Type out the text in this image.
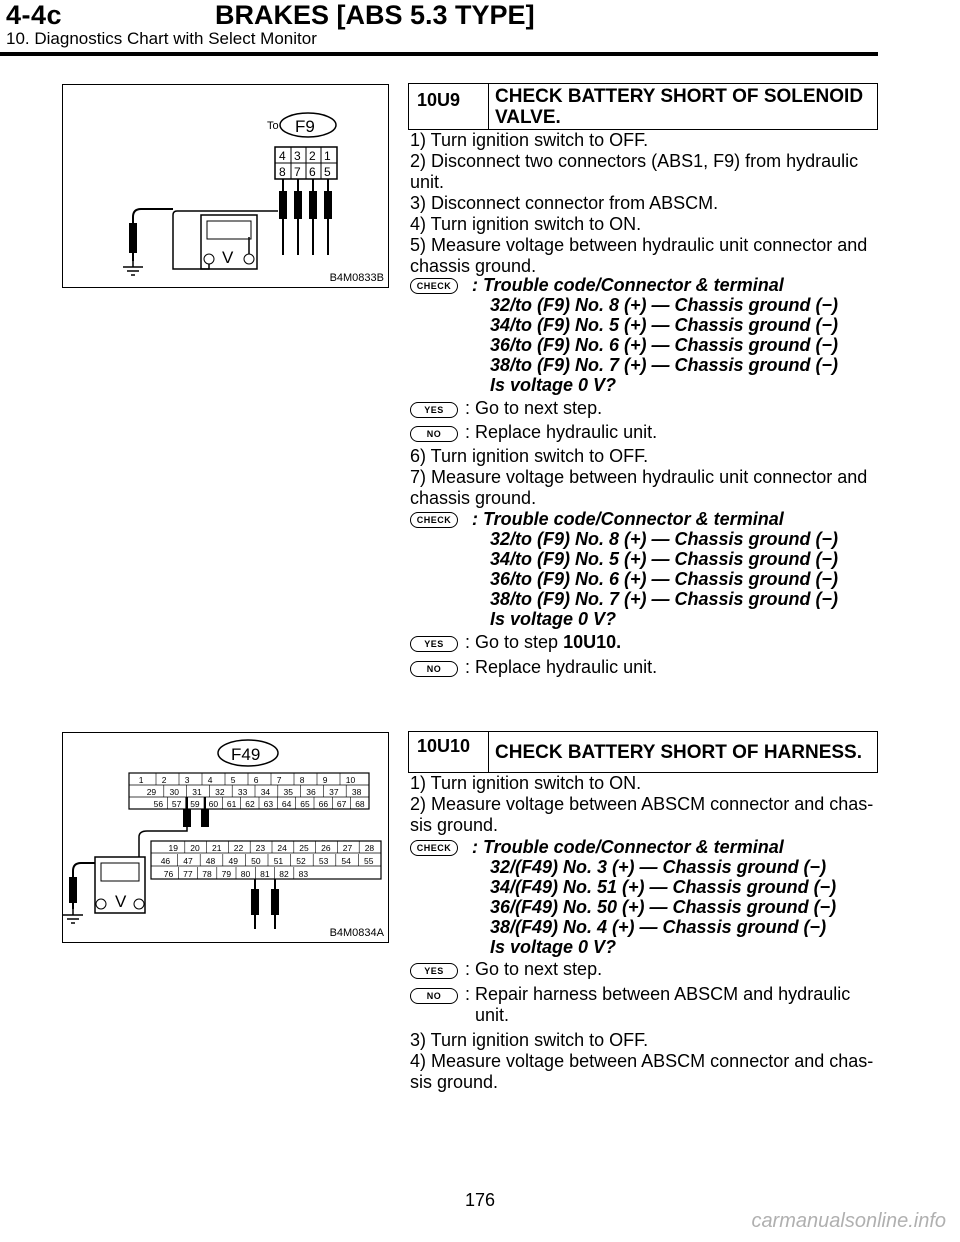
4-4c	BRAKES [ABS 5.3 TYPE]
10. Diagnostics Chart with Select Monitor
To F9
4 3 2 1
8 7 6 5
V
B4M0833B
F49
1 2 3 4 5 6 7 8 9 10
29 30 31 32 33 34 35 36 37 38
56 57 59 60 61 62 63 64 65 66 67 68
19 20 21 22 23 24 25 26 27 28
46 47 48 49 50 51 52 53 54 55
76 77 78 79 80 81 82 83
V
B4M0834A
10U9	CHECK BATTERY SHORT OF SOLENOID VALVE.
1) Turn ignition switch to OFF.
2) Disconnect two connectors (ABS1, F9) from hydraulic
unit.
3) Disconnect connector from ABSCM.
4) Turn ignition switch to ON.
5) Measure voltage between hydraulic unit connector and
chassis ground.
CHECK	: Trouble code/Connector & terminal
32/to (F9) No. 8 (+) — Chassis ground (−)
34/to (F9) No. 5 (+) — Chassis ground (−)
36/to (F9) No. 6 (+) — Chassis ground (−)
38/to (F9) No. 7 (+) — Chassis ground (−)
Is voltage 0 V?
YES	: Go to next step.
NO	: Replace hydraulic unit.
6) Turn ignition switch to OFF.
7) Measure voltage between hydraulic unit connector and
chassis ground.
CHECK	: Trouble code/Connector & terminal
32/to (F9) No. 8 (+) — Chassis ground (−)
34/to (F9) No. 5 (+) — Chassis ground (−)
36/to (F9) No. 6 (+) — Chassis ground (−)
38/to (F9) No. 7 (+) — Chassis ground (−)
Is voltage 0 V?
YES	: Go to step 10U10.
NO	: Replace hydraulic unit.
10U10	CHECK BATTERY SHORT OF HARNESS.
1) Turn ignition switch to ON.
2) Measure voltage between ABSCM connector and chas-
sis ground.
CHECK	: Trouble code/Connector & terminal
32/(F49) No. 3 (+) — Chassis ground (−)
34/(F49) No. 51 (+) — Chassis ground (−)
36/(F49) No. 50 (+) — Chassis ground (−)
38/(F49) No. 4 (+) — Chassis ground (−)
Is voltage 0 V?
YES	: Go to next step.
NO	: Repair harness between ABSCM and hydraulic
unit.
3) Turn ignition switch to OFF.
4) Measure voltage between ABSCM connector and chas-
sis ground.
176
carmanualsonline.info
